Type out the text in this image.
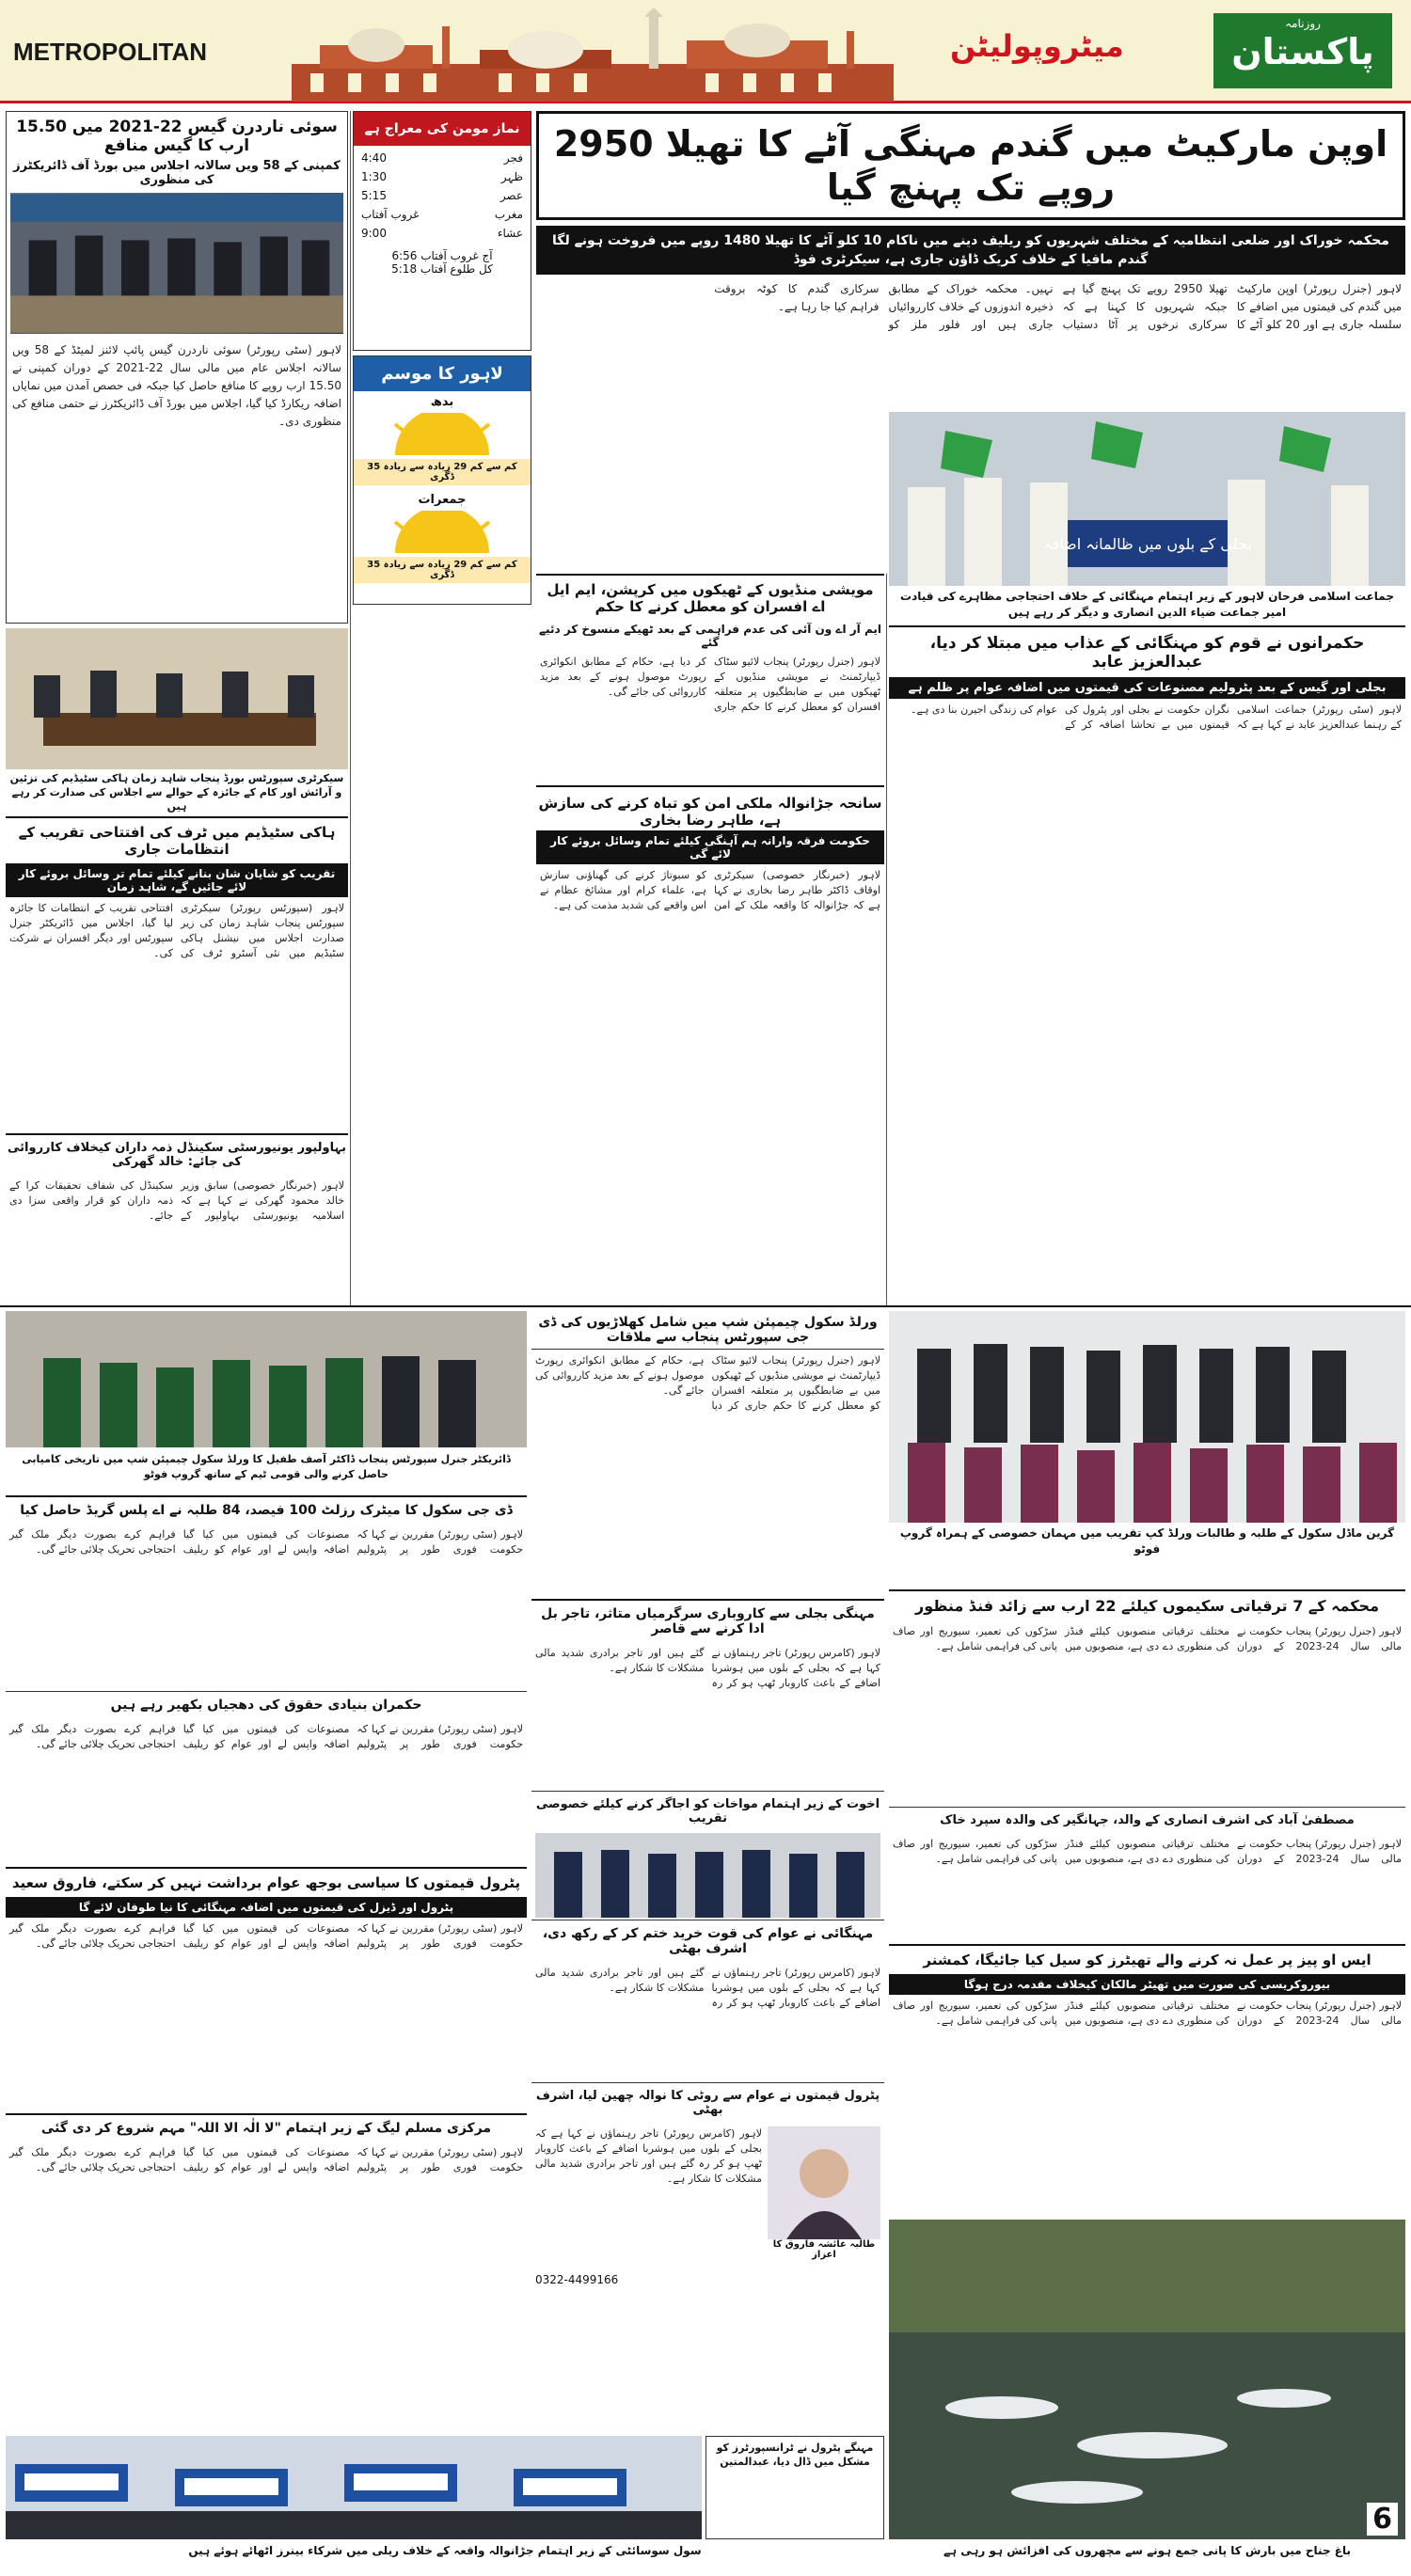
METROPOLITAN	میٹروپولیٹن
روزنامہ
پاکستان
سوئی ناردرن گیس 22-2021 میں 15.50 ارب کا گیس منافع
کمپنی کے 58 ویں سالانہ اجلاس میں بورڈ آف ڈائریکٹرز کی منظوری
لاہور (سٹی رپورٹر) سوئی ناردرن گیس پائپ لائنز لمیٹڈ کے 58 ویں سالانہ اجلاس عام میں مالی سال 22-2021 کے دوران کمپنی نے 15.50 ارب روپے کا منافع حاصل کیا جبکہ فی حصص آمدن میں نمایاں اضافہ ریکارڈ کیا گیا، اجلاس میں بورڈ آف ڈائریکٹرز نے حتمی منافع کی منظوری دی۔
نماز مومن کی معراج ہے
4:40	فجر
1:30	ظہر
5:15	عصر
غروب آفتاب	مغرب
9:00	عشاء
آج غروب آفتاب 6:56
کل طلوع آفتاب 5:18
لاہور کا موسم
بدھ
کم سے کم 29 زیادہ سے زیادہ 35 ڈگری
جمعرات
کم سے کم 29 زیادہ سے زیادہ 35 ڈگری
اوپن مارکیٹ میں گندم مہنگی آٹے کا تھیلا 2950 روپے تک پہنچ گیا
محکمہ خوراک اور ضلعی انتظامیہ کے مختلف شہریوں کو ریلیف دینے میں ناکام 10 کلو آٹے کا تھیلا 1480 روپے میں فروخت ہونے لگا گندم مافیا کے خلاف کریک ڈاؤن جاری ہے، سیکرٹری فوڈ
لاہور (جنرل رپورٹر) اوپن مارکیٹ میں گندم کی قیمتوں میں اضافے کا سلسلہ جاری ہے اور 20 کلو آٹے کا تھیلا 2950 روپے تک پہنچ گیا ہے جبکہ شہریوں کا کہنا ہے کہ سرکاری نرخوں پر آٹا دستیاب نہیں۔ محکمہ خوراک کے مطابق ذخیرہ اندوزوں کے خلاف کارروائیاں جاری ہیں اور فلور ملز کو سرکاری گندم کا کوٹہ بروقت فراہم کیا جا رہا ہے۔
بجلی کے بلوں میں ظالمانہ اضافہ
جماعت اسلامی فرحان لاہور کے زیر اہتمام مہنگائی کے خلاف احتجاجی مظاہرے کی قیادت امیر جماعت ضیاء الدین انصاری و دیگر کر رہے ہیں
مویشی منڈیوں کے ٹھیکوں میں کرپشن، ایم ایل اے افسران کو معطل کرنے کا حکم
ایم آر اے ون آئی کی عدم فراہمی کے بعد ٹھیکے منسوخ کر دئیے گئے
لاہور (جنرل رپورٹر) پنجاب لائیو سٹاک ڈیپارٹمنٹ نے مویشی منڈیوں کے ٹھیکوں میں بے ضابطگیوں پر متعلقہ افسران کو معطل کرنے کا حکم جاری کر دیا ہے، حکام کے مطابق انکوائری رپورٹ موصول ہونے کے بعد مزید کارروائی کی جائے گی۔
سانحہ جڑانوالہ ملکی امن کو تباہ کرنے کی سازش ہے، طاہر رضا بخاری
حکومت فرقہ وارانہ ہم آہنگی کیلئے تمام وسائل بروئے کار لائے گی
لاہور (خبرنگار خصوصی) سیکرٹری اوقاف ڈاکٹر طاہر رضا بخاری نے کہا ہے کہ جڑانوالہ کا واقعہ ملک کے امن کو سبوتاژ کرنے کی گھناؤنی سازش ہے، علماء کرام اور مشائخ عظام نے اس واقعے کی شدید مذمت کی ہے۔
حکمرانوں نے قوم کو مہنگائی کے عذاب میں مبتلا کر دیا، عبدالعزیز عابد
بجلی اور گیس کے بعد پٹرولیم مصنوعات کی قیمتوں میں اضافہ عوام پر ظلم ہے
لاہور (سٹی رپورٹر) جماعت اسلامی کے رہنما عبدالعزیز عابد نے کہا ہے کہ نگران حکومت نے بجلی اور پٹرول کی قیمتوں میں بے تحاشا اضافہ کر کے عوام کی زندگی اجیرن بنا دی ہے۔
سیکرٹری سپورٹس بورڈ پنجاب شاہد زمان ہاکی سٹیڈیم کی تزئین و آرائش اور کام کے جائزہ کے حوالے سے اجلاس کی صدارت کر رہے ہیں
ہاکی سٹیڈیم میں ٹرف کی افتتاحی تقریب کے انتظامات جاری
تقریب کو شایان شان بنانے کیلئے تمام تر وسائل بروئے کار لائے جائیں گے، شاہد زمان
لاہور (سپورٹس رپورٹر) سیکرٹری سپورٹس پنجاب شاہد زمان کی زیر صدارت اجلاس میں نیشنل ہاکی سٹیڈیم میں نئی آسٹرو ٹرف کی افتتاحی تقریب کے انتظامات کا جائزہ لیا گیا، اجلاس میں ڈائریکٹر جنرل سپورٹس اور دیگر افسران نے شرکت کی۔
بہاولپور یونیورسٹی سکینڈل ذمہ داران کیخلاف کارروائی کی جائے: خالد گھرکی
لاہور (خبرنگار خصوصی) سابق وزیر خالد محمود گھرکی نے کہا ہے کہ اسلامیہ یونیورسٹی بہاولپور کے سکینڈل کی شفاف تحقیقات کرا کے ذمہ داران کو قرار واقعی سزا دی جائے۔
ڈائریکٹر جنرل سپورٹس پنجاب ڈاکٹر آصف طفیل کا ورلڈ سکول چیمپئن شپ میں تاریخی کامیابی حاصل کرنے والی قومی ٹیم کے ساتھ گروپ فوٹو
ورلڈ سکول چیمپئن شپ میں شامل کھلاڑیوں کی ڈی جی سپورٹس پنجاب سے ملاقات
لاہور (جنرل رپورٹر) پنجاب لائیو سٹاک ڈیپارٹمنٹ نے مویشی منڈیوں کے ٹھیکوں میں بے ضابطگیوں پر متعلقہ افسران کو معطل کرنے کا حکم جاری کر دیا ہے، حکام کے مطابق انکوائری رپورٹ موصول ہونے کے بعد مزید کارروائی کی جائے گی۔
گرین ماڈل سکول کے طلبہ و طالبات ورلڈ کپ تقریب میں مہمان خصوصی کے ہمراہ گروپ فوٹو
ڈی جی سکول کا میٹرک رزلٹ 100 فیصد، 84 طلبہ نے اے پلس گریڈ حاصل کیا
لاہور (سٹی رپورٹر) مقررین نے کہا کہ حکومت فوری طور پر پٹرولیم مصنوعات کی قیمتوں میں کیا گیا اضافہ واپس لے اور عوام کو ریلیف فراہم کرے بصورت دیگر ملک گیر احتجاجی تحریک چلائی جائے گی۔
حکمران بنیادی حقوق کی دھجیاں بکھیر رہے ہیں
لاہور (سٹی رپورٹر) مقررین نے کہا کہ حکومت فوری طور پر پٹرولیم مصنوعات کی قیمتوں میں کیا گیا اضافہ واپس لے اور عوام کو ریلیف فراہم کرے بصورت دیگر ملک گیر احتجاجی تحریک چلائی جائے گی۔
پٹرول قیمتوں کا سیاسی بوجھ عوام برداشت نہیں کر سکتے، فاروق سعید
پٹرول اور ڈیزل کی قیمتوں میں اضافہ مہنگائی کا نیا طوفان لائے گا
لاہور (سٹی رپورٹر) مقررین نے کہا کہ حکومت فوری طور پر پٹرولیم مصنوعات کی قیمتوں میں کیا گیا اضافہ واپس لے اور عوام کو ریلیف فراہم کرے بصورت دیگر ملک گیر احتجاجی تحریک چلائی جائے گی۔
مرکزی مسلم لیگ کے زیر اہتمام "لا الٰہ الا اللہ" مہم شروع کر دی گئی
لاہور (سٹی رپورٹر) مقررین نے کہا کہ حکومت فوری طور پر پٹرولیم مصنوعات کی قیمتوں میں کیا گیا اضافہ واپس لے اور عوام کو ریلیف فراہم کرے بصورت دیگر ملک گیر احتجاجی تحریک چلائی جائے گی۔
مہنگی بجلی سے کاروباری سرگرمیاں متاثر، تاجر بل ادا کرنے سے قاصر
لاہور (کامرس رپورٹر) تاجر رہنماؤں نے کہا ہے کہ بجلی کے بلوں میں ہوشربا اضافے کے باعث کاروبار ٹھپ ہو کر رہ گئے ہیں اور تاجر برادری شدید مالی مشکلات کا شکار ہے۔
اخوت کے زیر اہتمام مواخات کو اجاگر کرنے کیلئے خصوصی تقریب
مہنگائی نے عوام کی قوت خرید ختم کر کے رکھ دی، اشرف بھٹی
لاہور (کامرس رپورٹر) تاجر رہنماؤں نے کہا ہے کہ بجلی کے بلوں میں ہوشربا اضافے کے باعث کاروبار ٹھپ ہو کر رہ گئے ہیں اور تاجر برادری شدید مالی مشکلات کا شکار ہے۔
پٹرول قیمتوں نے عوام سے روٹی کا نوالہ چھین لیا، اشرف بھٹی
لاہور (کامرس رپورٹر) تاجر رہنماؤں نے کہا ہے کہ بجلی کے بلوں میں ہوشربا اضافے کے باعث کاروبار ٹھپ ہو کر رہ گئے ہیں اور تاجر برادری شدید مالی مشکلات کا شکار ہے۔
طالبہ عائشہ فاروق کا اعزاز
0322-4499166
محکمہ کے 7 ترقیاتی سکیموں کیلئے 22 ارب سے زائد فنڈ منظور
لاہور (جنرل رپورٹر) پنجاب حکومت نے مالی سال 24-2023 کے دوران مختلف ترقیاتی منصوبوں کیلئے فنڈز کی منظوری دے دی ہے، منصوبوں میں سڑکوں کی تعمیر، سیوریج اور صاف پانی کی فراہمی شامل ہے۔
مصطفیٰ آباد کی اشرف انصاری کے والد، جہانگیر کی والدہ سپرد خاک
لاہور (جنرل رپورٹر) پنجاب حکومت نے مالی سال 24-2023 کے دوران مختلف ترقیاتی منصوبوں کیلئے فنڈز کی منظوری دے دی ہے، منصوبوں میں سڑکوں کی تعمیر، سیوریج اور صاف پانی کی فراہمی شامل ہے۔
ایس او پیز پر عمل نہ کرنے والے تھیٹرز کو سیل کیا جائیگا، کمشنر
بیوروکریسی کی صورت میں تھیٹر مالکان کیخلاف مقدمہ درج ہوگا
لاہور (جنرل رپورٹر) پنجاب حکومت نے مالی سال 24-2023 کے دوران مختلف ترقیاتی منصوبوں کیلئے فنڈز کی منظوری دے دی ہے، منصوبوں میں سڑکوں کی تعمیر، سیوریج اور صاف پانی کی فراہمی شامل ہے۔
مہنگے پٹرول نے ٹرانسپورٹرز کو مشکل میں ڈال دیا، عبدالمتین
6
سول سوسائٹی کے زیر اہتمام جڑانوالہ واقعہ کے خلاف ریلی میں شرکاء بینرز اٹھائے ہوئے ہیں	باغ جناح میں بارش کا پانی جمع ہونے سے مچھروں کی افزائش ہو رہی ہے
